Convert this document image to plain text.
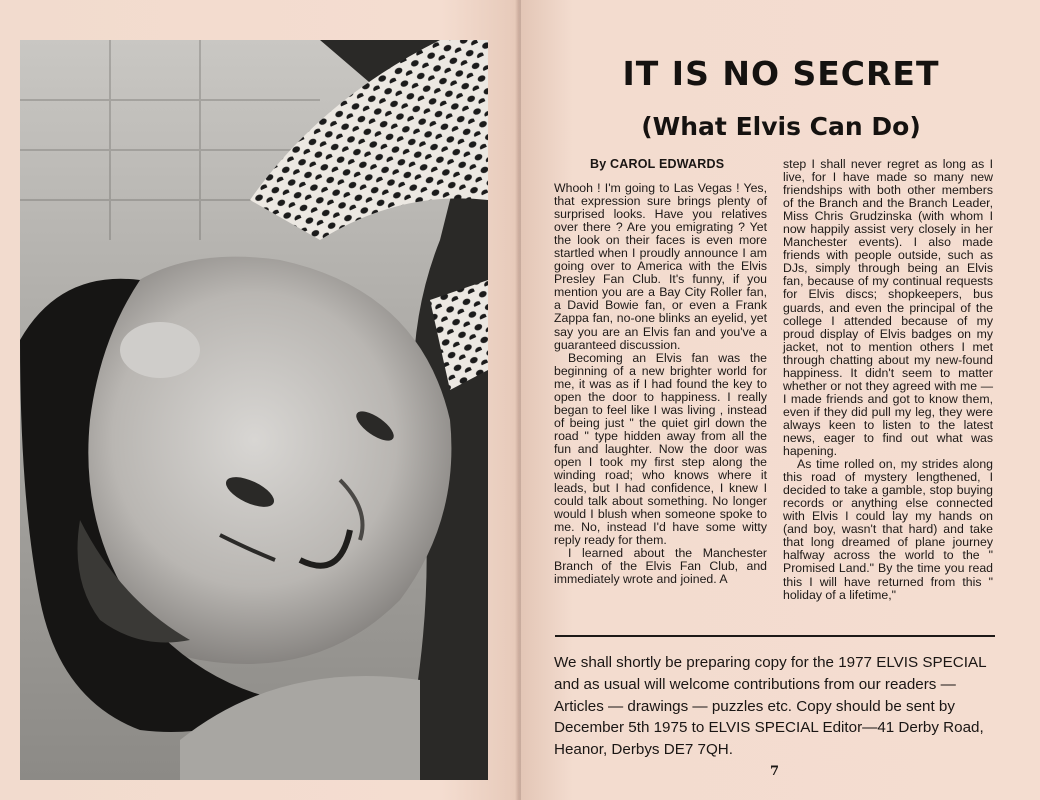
IT IS NO SECRET
(What Elvis Can Do)

By CAROL EDWARDS

Whooh ! I'm going to Las Vegas ! Yes, that expression sure brings plenty of surprised looks. Have you relatives over there ? Are you emigrating ? Yet the look on their faces is even more startled when I proudly announce I am going over to America with the Elvis Presley Fan Club. It's funny, if you mention you are a Bay City Roller fan, a David Bowie fan, or even a Frank Zappa fan, no-one blinks an eyelid, yet say you are an Elvis fan and you've a guaranteed discussion.

Becoming an Elvis fan was the beginning of a new brighter world for me, it was as if I had found the key to open the door to happiness. I really began to feel like I was living , instead of being just " the quiet girl down the road " type hidden away from all the fun and laughter. Now the door was open I took my first step along the winding road; who knows where it leads, but I had confidence, I knew I could talk about something. No longer would I blush when someone spoke to me. No, instead I'd have some witty reply ready for them.

I learned about the Manchester Branch of the Elvis Fan Club, and immediately wrote and joined. A

step I shall never regret as long as I live, for I have made so many new friendships with both other members of the Branch and the Branch Leader, Miss Chris Grudzinska (with whom I now happily assist very closely in her Manchester events). I also made friends with people outside, such as DJs, simply through being an Elvis fan, because of my continual requests for Elvis discs; shopkeepers, bus guards, and even the principal of the college I attended because of my proud display of Elvis badges on my jacket, not to mention others I met through chatting about my new-found happiness. It didn't seem to matter whether or not they agreed with me — I made friends and got to know them, even if they did pull my leg, they were always keen to listen to the latest news, eager to find out what was hapening.

As time rolled on, my strides along this road of mystery lengthened, I decided to take a gamble, stop buying records or anything else connected with Elvis I could lay my hands on (and boy, wasn't that hard) and take that long dreamed of plane journey halfway across the world to the " Promised Land." By the time you read this I will have returned from this " holiday of a lifetime,"

We shall shortly be preparing copy for the 1977 ELVIS SPECIAL and as usual will welcome contributions from our readers — Articles — drawings — puzzles etc. Copy should be sent by December 5th 1975 to ELVIS SPECIAL Editor—41 Derby Road, Heanor, Derbys DE7 7QH.

7
